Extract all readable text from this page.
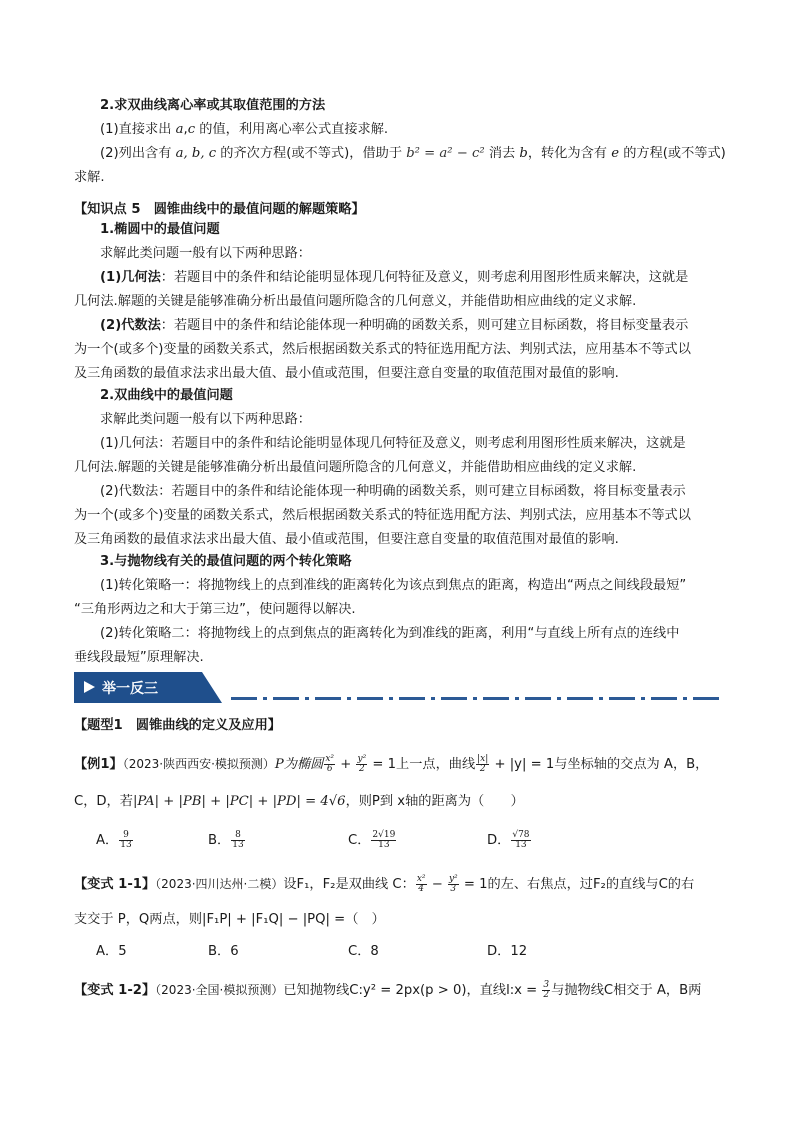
2.求双曲线离心率或其取值范围的方法
(1)直接求出 a,c 的值，利用离心率公式直接求解.
(2)列出含有 a, b, c 的齐次方程(或不等式)，借助于 b² = a² − c² 消去 b，转化为含有 e 的方程(或不等式)
求解.
【知识点 5　圆锥曲线中的最值问题的解题策略】
1.椭圆中的最值问题
求解此类问题一般有以下两种思路：
(1)几何法：若题目中的条件和结论能明显体现几何特征及意义，则考虑利用图形性质来解决，这就是
几何法.解题的关键是能够准确分析出最值问题所隐含的几何意义，并能借助相应曲线的定义求解.
(2)代数法：若题目中的条件和结论能体现一种明确的函数关系，则可建立目标函数，将目标变量表示
为一个(或多个)变量的函数关系式，然后根据函数关系式的特征选用配方法、判别式法，应用基本不等式以
及三角函数的最值求法求出最大值、最小值或范围，但要注意自变量的取值范围对最值的影响.
2.双曲线中的最值问题
求解此类问题一般有以下两种思路：
(1)几何法：若题目中的条件和结论能明显体现几何特征及意义，则考虑利用图形性质来解决，这就是
几何法.解题的关键是能够准确分析出最值问题所隐含的几何意义，并能借助相应曲线的定义求解.
(2)代数法：若题目中的条件和结论能体现一种明确的函数关系，则可建立目标函数，将目标变量表示
为一个(或多个)变量的函数关系式，然后根据函数关系式的特征选用配方法、判别式法，应用基本不等式以
及三角函数的最值求法求出最大值、最小值或范围，但要注意自变量的取值范围对最值的影响.
3.与抛物线有关的最值问题的两个转化策略
(1)转化策略一：将抛物线上的点到准线的距离转化为该点到焦点的距离，构造出“两点之间线段最短”
“三角形两边之和大于第三边”，使问题得以解决.
(2)转化策略二：将抛物线上的点到焦点的距离转化为到准线的距离，利用“与直线上所有点的连线中
垂线段最短”原理解决.
举一反三
【题型1　圆锥曲线的定义及应用】
【例1】（2023·陕西西安·模拟预测）P为椭圆 $\frac{\text{x²}}{6} + \frac{\text{y²}}{2} = 1$上一点，曲线 $\frac{|x|}{2} + |y| = 1$与坐标轴的交点为 A，B，
C，D，若|PA| + |PB| + |PC| + |PD| = 4√6，则P到 x轴的距离为（　　）
A． $\frac{9}{13}$	B． $\frac{8}{13}$	C． $\frac{2√19}{13}$	D． $\frac{√78}{13}$
【变式 1-1】（2023·四川达州·二模）设F₁，F₂是双曲线 C： $\frac{\text{x²}}{4} - \frac{\text{y²}}{3} = 1$的左、右焦点，过F₂的直线与C的右
支交于 P，Q两点，则|F₁P| + |F₁Q| − |PQ| =（　）
A．5	B．6	C．8	D．12
【变式 1-2】（2023·全国·模拟预测）已知抛物线C:y² = 2px(p > 0)，直线l:x = $\frac{3}{2}$ 与抛物线C相交于 A，B两
